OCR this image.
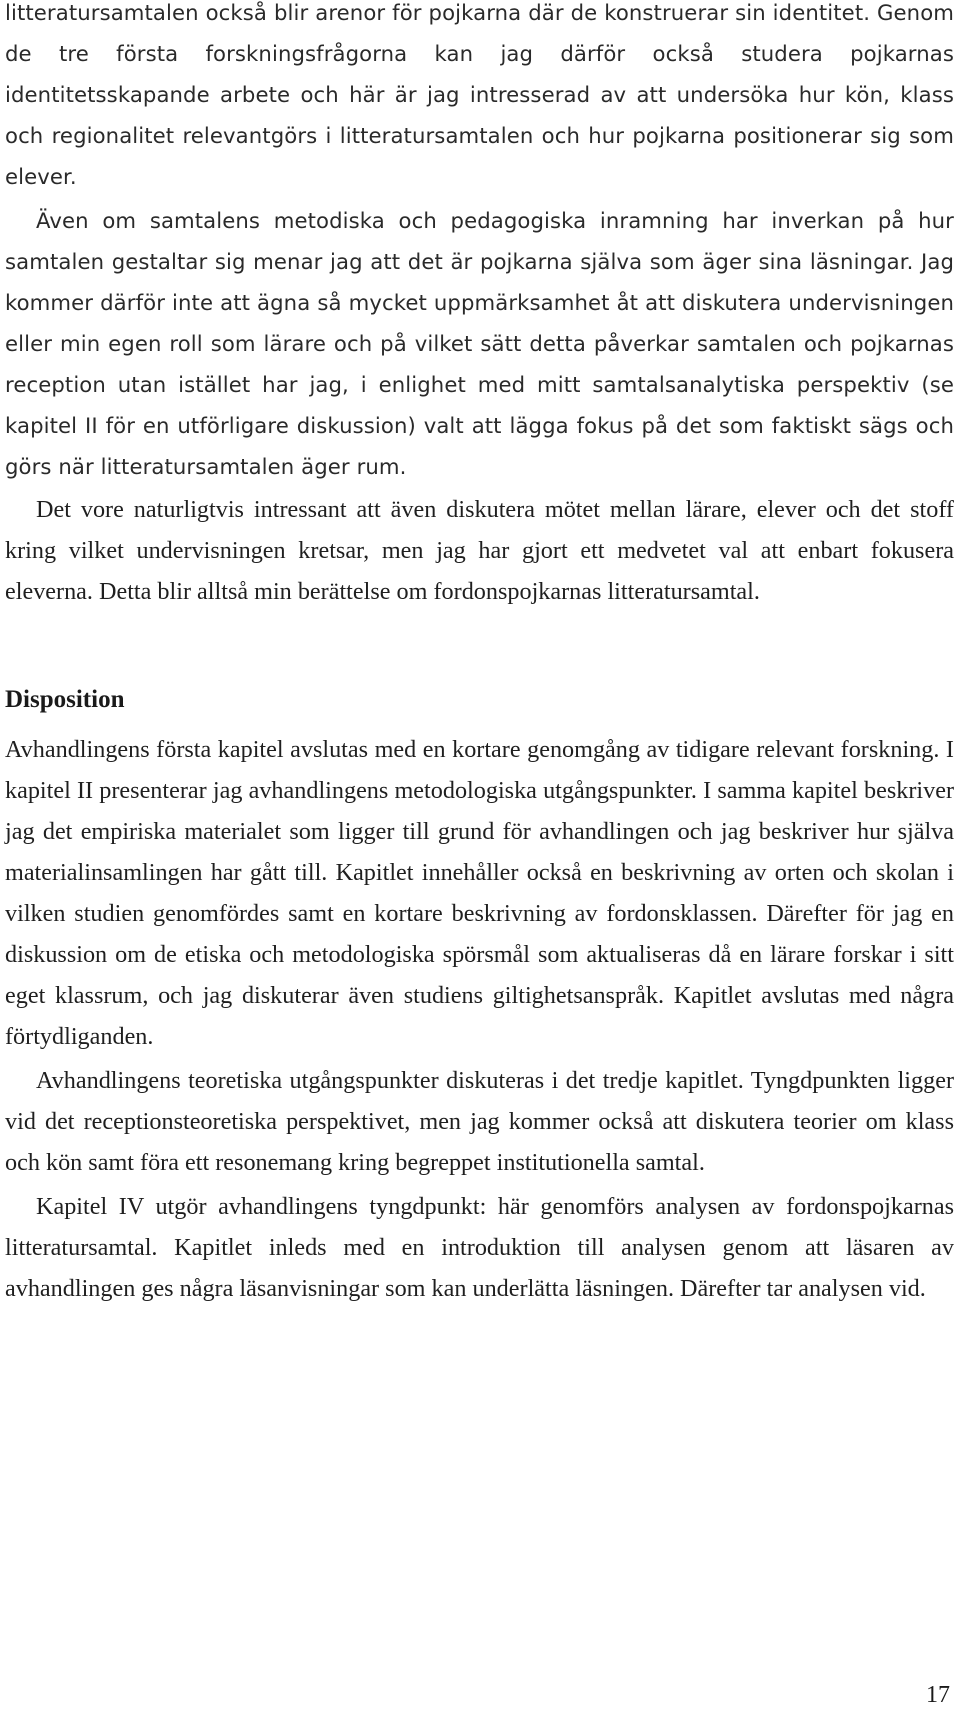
litteratursamtalen också blir arenor för pojkarna där de konstruerar sin identitet. Genom de tre första forskningsfrågorna kan jag därför också studera pojkarnas identitetsskapande arbete och här är jag intresserad av att undersöka hur kön, klass och regionalitet relevantgörs i litteratursamtalen och hur pojkarna positionerar sig som elever.

Även om samtalens metodiska och pedagogiska inramning har inverkan på hur samtalen gestaltar sig menar jag att det är pojkarna själva som äger sina läsningar. Jag kommer därför inte att ägna så mycket uppmärksamhet åt att diskutera undervisningen eller min egen roll som lärare och på vilket sätt detta påverkar samtalen och pojkarnas reception utan istället har jag, i enlighet med mitt samtalsanalytiska perspektiv (se kapitel II för en utförligare diskussion) valt att lägga fokus på det som faktiskt sägs och görs när litteratursamtalen äger rum.

Det vore naturligtvis intressant att även diskutera mötet mellan lärare, elever och det stoff kring vilket undervisningen kretsar, men jag har gjort ett medvetet val att enbart fokusera eleverna. Detta blir alltså min berättelse om fordonspojkarnas litteratursamtal.

Disposition

Avhandlingens första kapitel avslutas med en kortare genomgång av tidigare relevant forskning. I kapitel II presenterar jag avhandlingens metodologiska utgångspunkter. I samma kapitel beskriver jag det empiriska materialet som ligger till grund för avhandlingen och jag beskriver hur själva materialinsamlingen har gått till. Kapitlet innehåller också en beskrivning av orten och skolan i vilken studien genomfördes samt en kortare beskrivning av fordonsklassen. Därefter för jag en diskussion om de etiska och metodologiska spörsmål som aktualiseras då en lärare forskar i sitt eget klassrum, och jag diskuterar även studiens giltighetsanspråk. Kapitlet avslutas med några förtydliganden.

Avhandlingens teoretiska utgångspunkter diskuteras i det tredje kapitlet. Tyngdpunkten ligger vid det receptionsteoretiska perspektivet, men jag kommer också att diskutera teorier om klass och kön samt föra ett resonemang kring begreppet institutionella samtal.

Kapitel IV utgör avhandlingens tyngdpunkt: här genomförs analysen av fordonspojkarnas litteratursamtal. Kapitlet inleds med en introduktion till analysen genom att läsaren av avhandlingen ges några läsanvisningar som kan underlätta läsningen. Därefter tar analysen vid.

17
